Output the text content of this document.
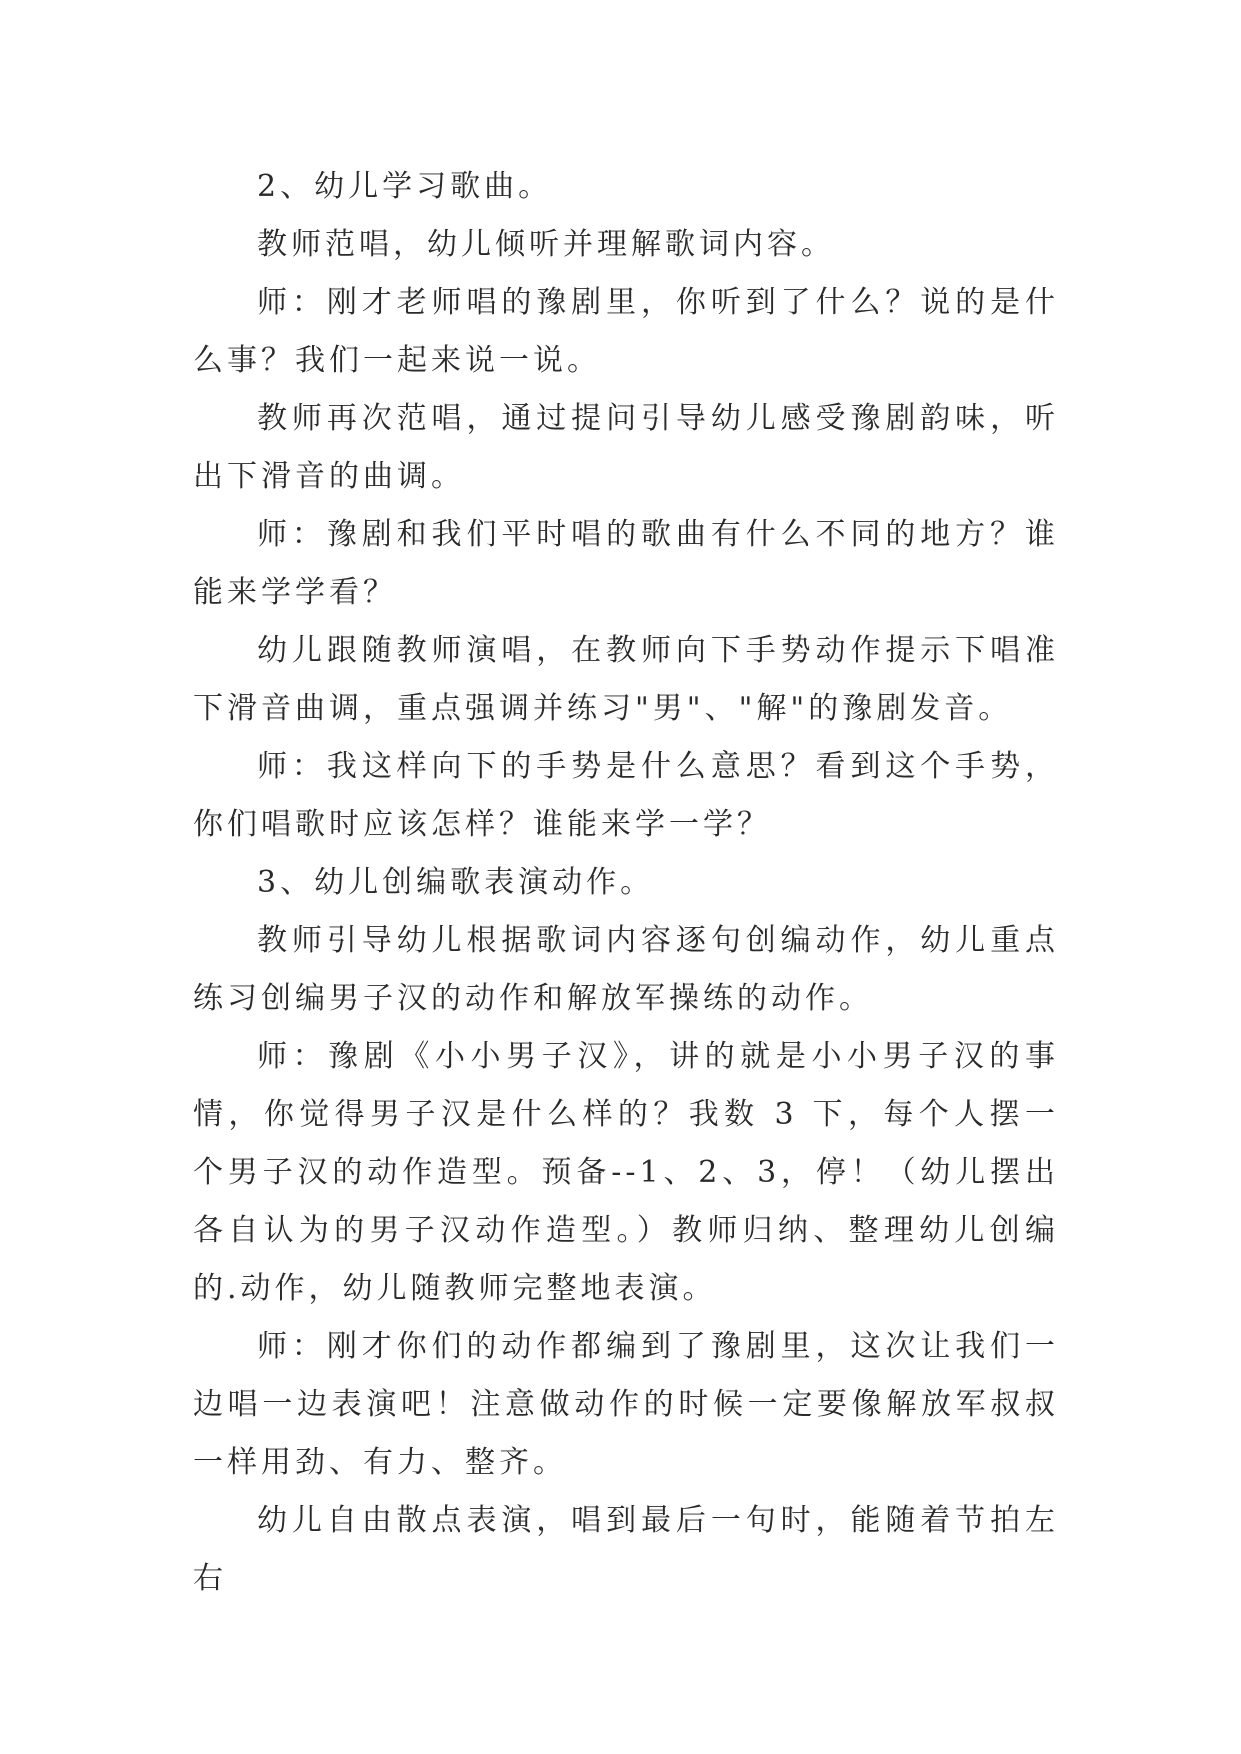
2、幼儿学习歌曲。

教师范唱，幼儿倾听并理解歌词内容。

师：刚才老师唱的豫剧里，你听到了什么？说的是什么事？我们一起来说一说。

教师再次范唱，通过提问引导幼儿感受豫剧韵味，听出下滑音的曲调。

师：豫剧和我们平时唱的歌曲有什么不同的地方？谁能来学学看？

幼儿跟随教师演唱，在教师向下手势动作提示下唱准下滑音曲调，重点强调并练习"男"、"解"的豫剧发音。

师：我这样向下的手势是什么意思？看到这个手势，你们唱歌时应该怎样？谁能来学一学？

3、幼儿创编歌表演动作。

教师引导幼儿根据歌词内容逐句创编动作，幼儿重点练习创编男子汉的动作和解放军操练的动作。

师：豫剧《小小男子汉》，讲的就是小小男子汉的事情，你觉得男子汉是什么样的？我数 3 下，每个人摆一个男子汉的动作造型。预备--1、2、3，停！（幼儿摆出各自认为的男子汉动作造型。）教师归纳、整理幼儿创编的.动作，幼儿随教师完整地表演。

师：刚才你们的动作都编到了豫剧里，这次让我们一边唱一边表演吧！注意做动作的时候一定要像解放军叔叔一样用劲、有力、整齐。

幼儿自由散点表演，唱到最后一句时，能随着节拍左右
